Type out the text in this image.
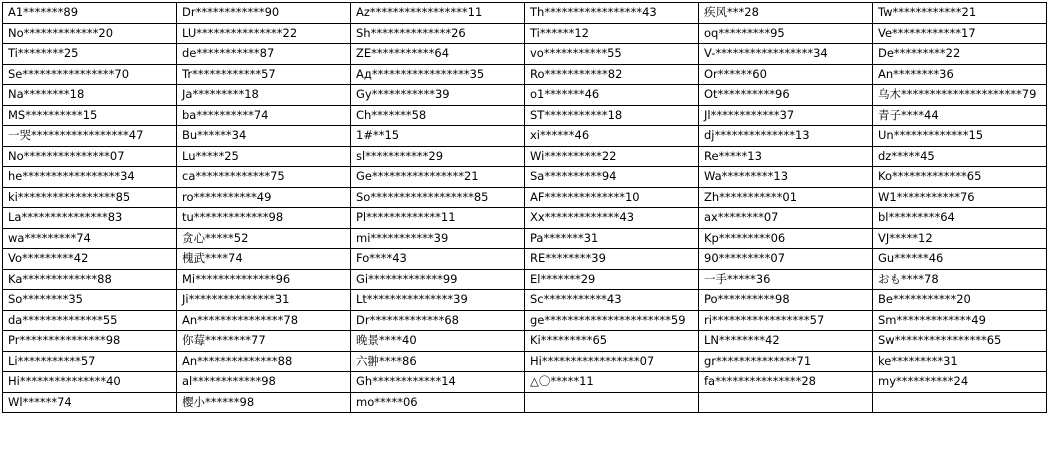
A1*******89	Dr************90	Az*****************11	Th*****************43	疾风***28	Tw************21
No*************20	LU***************22	Sh**************26	Ti******12	oq*********95	Ve************17
Ti********25	de***********87	ZE***********64	vo***********55	V-*****************34	De*********22
Se****************70	Tr************57	Ад*****************35	Ro***********82	Or******60	An********36
Na********18	Ja*********18	Gy***********39	o1*******46	Ot**********96	乌木*********************79
MS**********15	ba**********74	Ch*******58	ST***********18	Jl************37	青子****44
一哭*****************47	Bu******34	1#**15	xi******46	dj**************13	Un*************15
No***************07	Lu*****25	sl***********29	Wi**********22	Re*****13	dz*****45
he*****************34	ca*************75	Ge****************21	Sa**********94	Wa*********13	Ko*************65
ki*****************85	ro***********49	So******************85	AF**************10	Zh***********01	W1***********76
La***************83	tu*************98	Pl*************11	Xx*************43	ax********07	bl*********64
wa*********74	贪心*****52	mi***********39	Pa*******31	Kp*********06	VJ*****12
Vo*********42	槐武****74	Fo****43	RE********39	90*********07	Gu******46
Ka*************88	Mi**************96	Gi*************99	El*******29	一手*****36	おも****78
So********35	Ji***************31	Lt***************39	Sc***********43	Po**********98	Be***********20
da**************55	An***************78	Dr*************68	ge**********************59	ri*****************57	Sm*************49
Pr***************98	你莓********77	晚景****40	Ki*********65	LN********42	Sw****************65
Li***********57	An**************88	六翀****86	Hi*****************07	gr**************71	ke*********31
Hi***************40	al************98	Gh************14	△〇*****11	fa***************28	my**********24
Wl******74	樱小******98	mo*****06			
